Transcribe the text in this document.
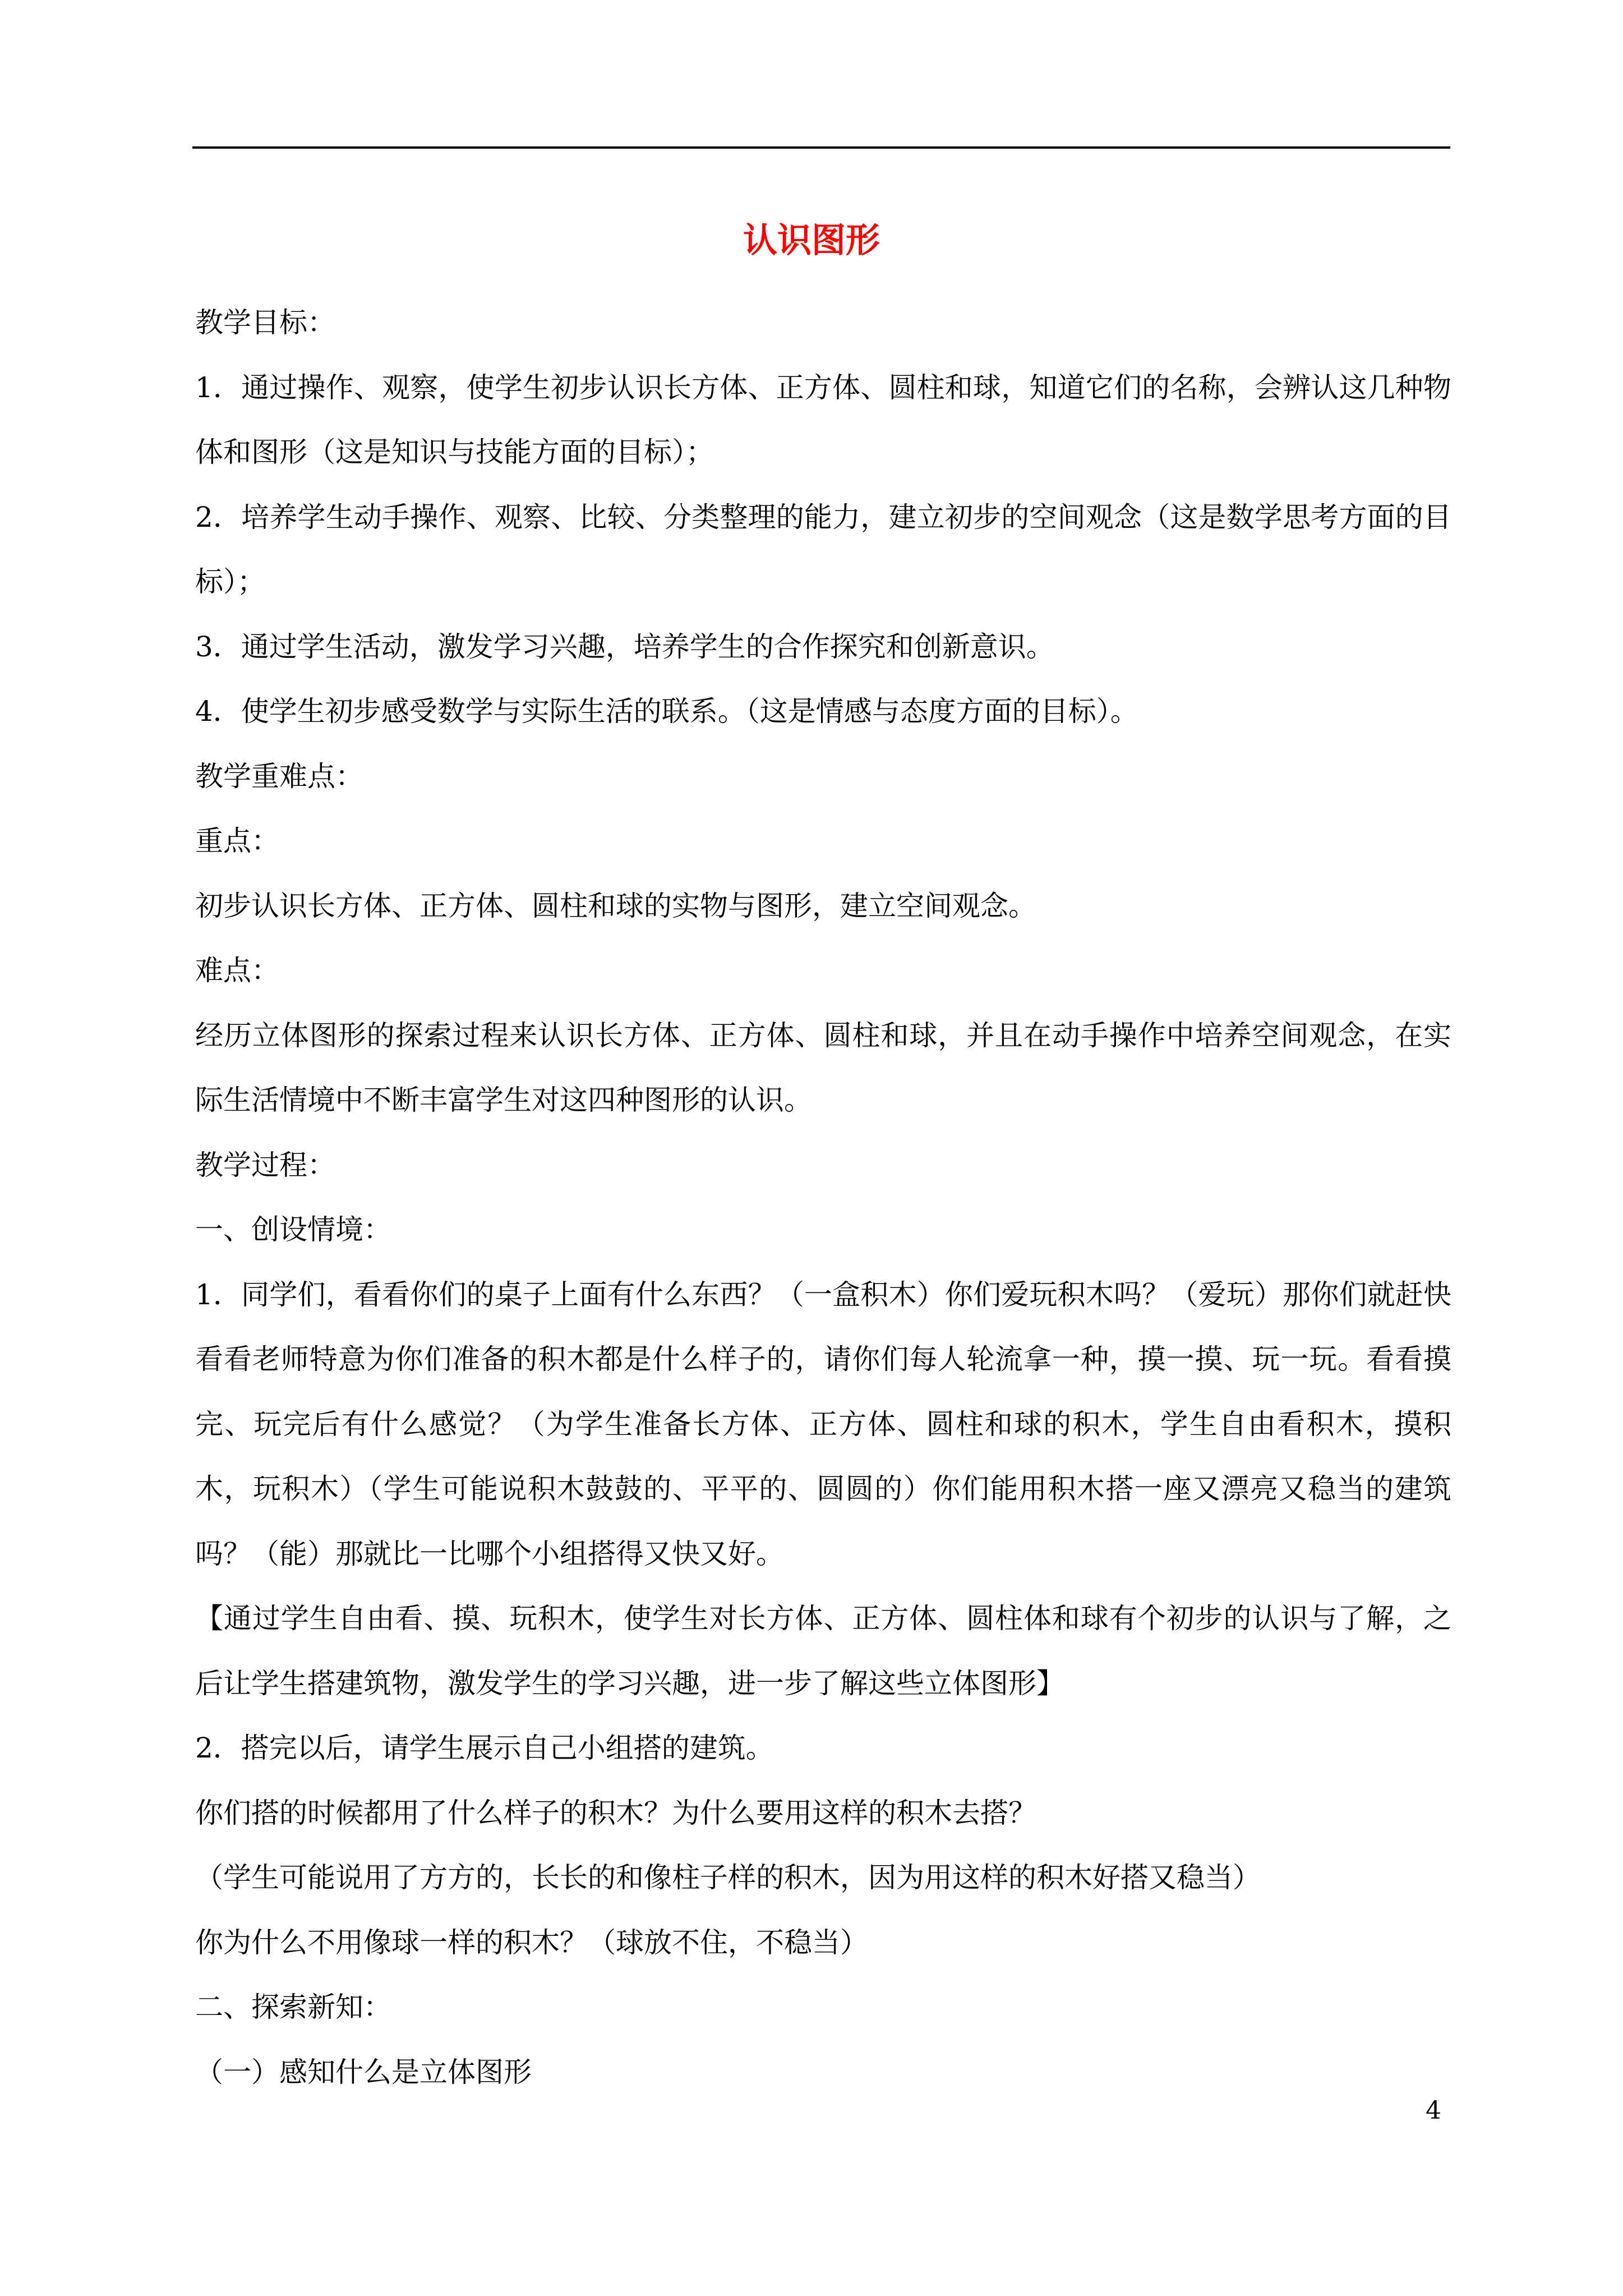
认识图形

教学目标：

1．通过操作、观察，使学生初步认识长方体、正方体、圆柱和球，知道它们的名称，会辨认这几种物体和图形（这是知识与技能方面的目标）；

2．培养学生动手操作、观察、比较、分类整理的能力，建立初步的空间观念（这是数学思考方面的目标）；

3．通过学生活动，激发学习兴趣，培养学生的合作探究和创新意识。

4．使学生初步感受数学与实际生活的联系。（这是情感与态度方面的目标）。

教学重难点：

重点：

初步认识长方体、正方体、圆柱和球的实物与图形，建立空间观念。

难点：

经历立体图形的探索过程来认识长方体、正方体、圆柱和球，并且在动手操作中培养空间观念，在实际生活情境中不断丰富学生对这四种图形的认识。

教学过程：

一、创设情境：

1．同学们，看看你们的桌子上面有什么东西？（一盒积木）你们爱玩积木吗？（爱玩）那你们就赶快看看老师特意为你们准备的积木都是什么样子的，请你们每人轮流拿一种，摸一摸、玩一玩。看看摸完、玩完后有什么感觉？（为学生准备长方体、正方体、圆柱和球的积木，学生自由看积木，摸积木，玩积木）（学生可能说积木鼓鼓的、平平的、圆圆的）你们能用积木搭一座又漂亮又稳当的建筑吗？（能）那就比一比哪个小组搭得又快又好。

【通过学生自由看、摸、玩积木，使学生对长方体、正方体、圆柱体和球有个初步的认识与了解，之后让学生搭建筑物，激发学生的学习兴趣，进一步了解这些立体图形】

2．搭完以后，请学生展示自己小组搭的建筑。

你们搭的时候都用了什么样子的积木？为什么要用这样的积木去搭？

（学生可能说用了方方的，长长的和像柱子样的积木，因为用这样的积木好搭又稳当）

你为什么不用像球一样的积木？（球放不住，不稳当）

二、探索新知：

（一）感知什么是立体图形

4
